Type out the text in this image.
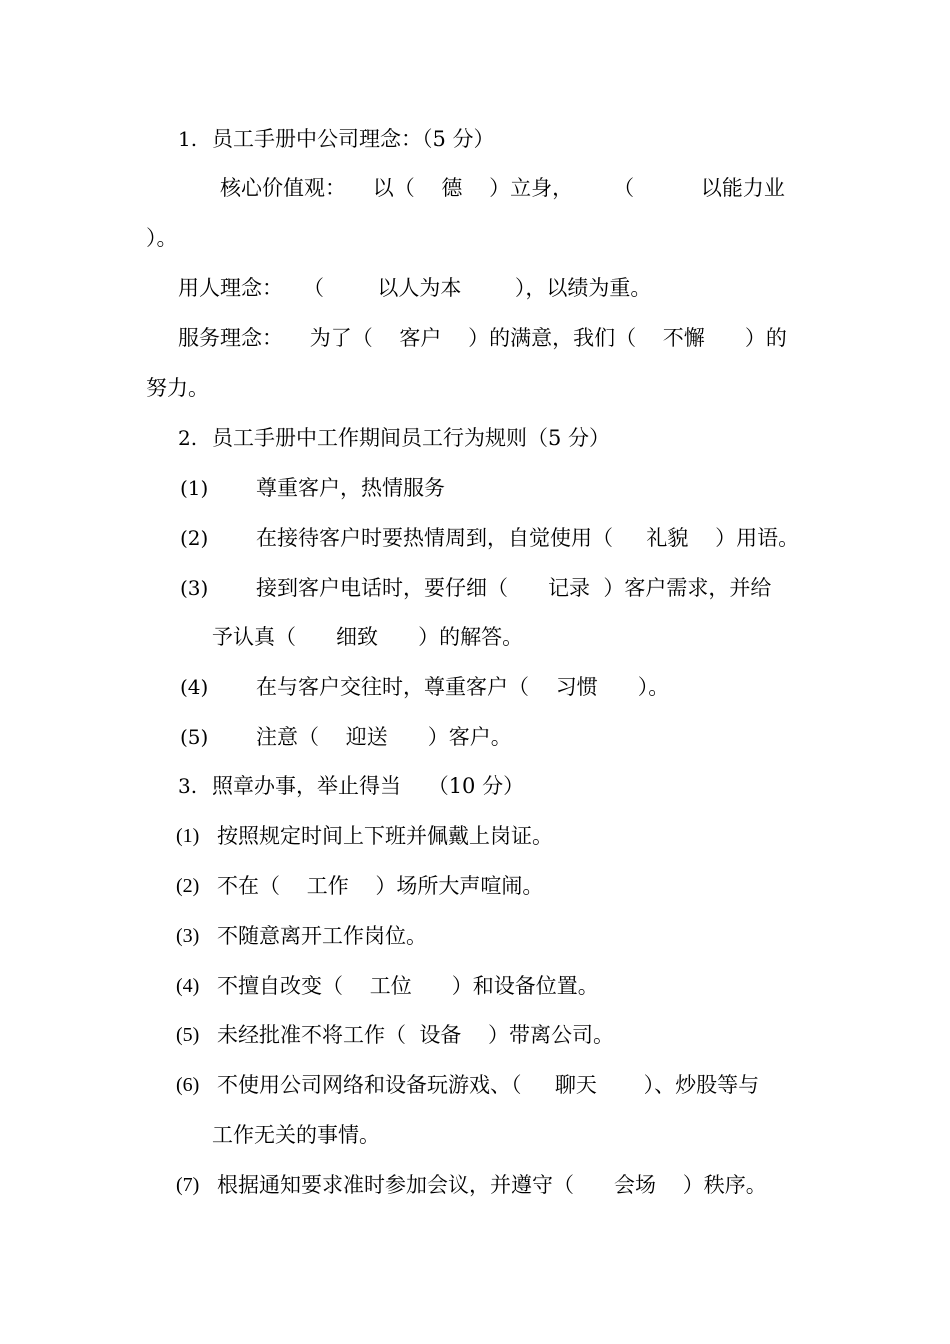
1. 员工手册中公司理念：（5 分）
核心价值观：    以（    德    ）立身，      （          以能力业
）。
用人理念：   （        以人为本        ），以绩为重。
服务理念：    为了（    客户    ）的满意，我们（    不懈      ）的
努力。
2. 员工手册中工作期间员工行为规则（5 分）
(1) 尊重客户，热情服务
(2) 在接待客户时要热情周到，自觉使用（     礼貌    ）用语。
(3) 接到客户电话时，要仔细（      记录  ）客户需求，并给
予认真（      细致      ）的解答。
(4) 在与客户交往时，尊重客户（    习惯      ）。
(5) 注意（    迎送      ）客户。
3. 照章办事，举止得当    （10 分）
(1) 按照规定时间上下班并佩戴上岗证。
(2) 不在（    工作    ）场所大声喧闹。
(3) 不随意离开工作岗位。
(4) 不擅自改变（    工位      ）和设备位置。
(5) 未经批准不将工作（  设备    ）带离公司。
(6) 不使用公司网络和设备玩游戏、（     聊天       ）、炒股等与
工作无关的事情。
(7) 根据通知要求准时参加会议，并遵守（      会场    ）秩序。
